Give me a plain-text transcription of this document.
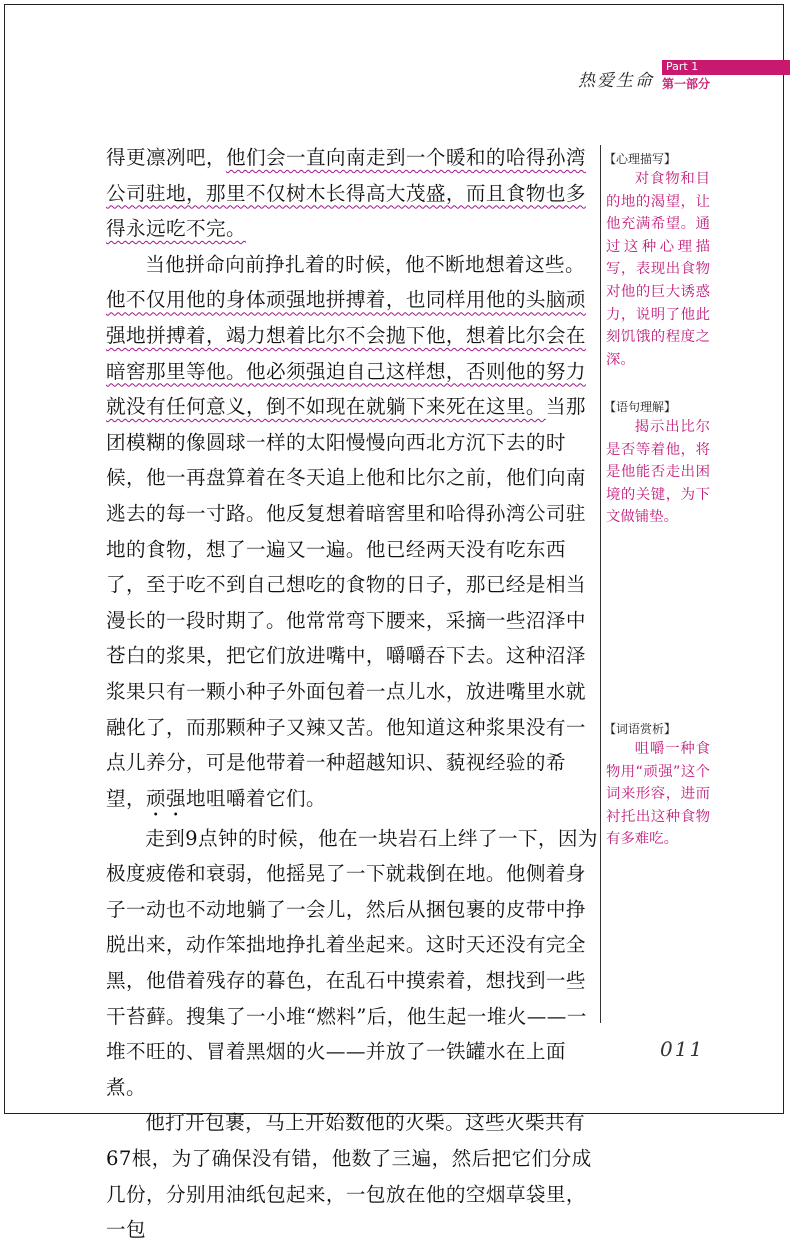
热爱生命
Part 1
第一部分

得更凛冽吧，他们会一直向南走到一个暖和的哈得孙湾公司驻地，那里不仅树木长得高大茂盛，而且食物也多得永远吃不完。

当他拼命向前挣扎着的时候，他不断地想着这些。他不仅用他的身体顽强地拼搏着，也同样用他的头脑顽强地拼搏着，竭力想着比尔不会抛下他，想着比尔会在暗窖那里等他。他必须强迫自己这样想，否则他的努力就没有任何意义，倒不如现在就躺下来死在这里。当那团模糊的像圆球一样的太阳慢慢向西北方沉下去的时候，他一再盘算着在冬天追上他和比尔之前，他们向南逃去的每一寸路。他反复想着暗窖里和哈得孙湾公司驻地的食物，想了一遍又一遍。他已经两天没有吃东西了，至于吃不到自己想吃的食物的日子，那已经是相当漫长的一段时期了。他常常弯下腰来，采摘一些沼泽中苍白的浆果，把它们放进嘴中，嚼嚼吞下去。这种沼泽浆果只有一颗小种子外面包着一点儿水，放进嘴里水就融化了，而那颗种子又辣又苦。他知道这种浆果没有一点儿养分，可是他带着一种超越知识、藐视经验的希望，顽强地咀嚼着它们。

走到9点钟的时候，他在一块岩石上绊了一下，因为极度疲倦和衰弱，他摇晃了一下就栽倒在地。他侧着身子一动也不动地躺了一会儿，然后从捆包裹的皮带中挣脱出来，动作笨拙地挣扎着坐起来。这时天还没有完全黑，他借着残存的暮色，在乱石中摸索着，想找到一些干苔藓。搜集了一小堆“燃料”后，他生起一堆火——一堆不旺的、冒着黑烟的火——并放了一铁罐水在上面煮。

他打开包裹，马上开始数他的火柴。这些火柴共有67根，为了确保没有错，他数了三遍，然后把它们分成几份，分别用油纸包起来，一包放在他的空烟草袋里，一包

【心理描写】
对食物和目的地的渴望，让他充满希望。通过这种心理描写，表现出食物对他的巨大诱惑力，说明了他此刻饥饿的程度之深。
【语句理解】
揭示出比尔是否等着他，将是他能否走出困境的关键，为下文做铺垫。
【词语赏析】
咀嚼一种食物用“顽强”这个词来形容，进而衬托出这种食物有多难吃。
011
